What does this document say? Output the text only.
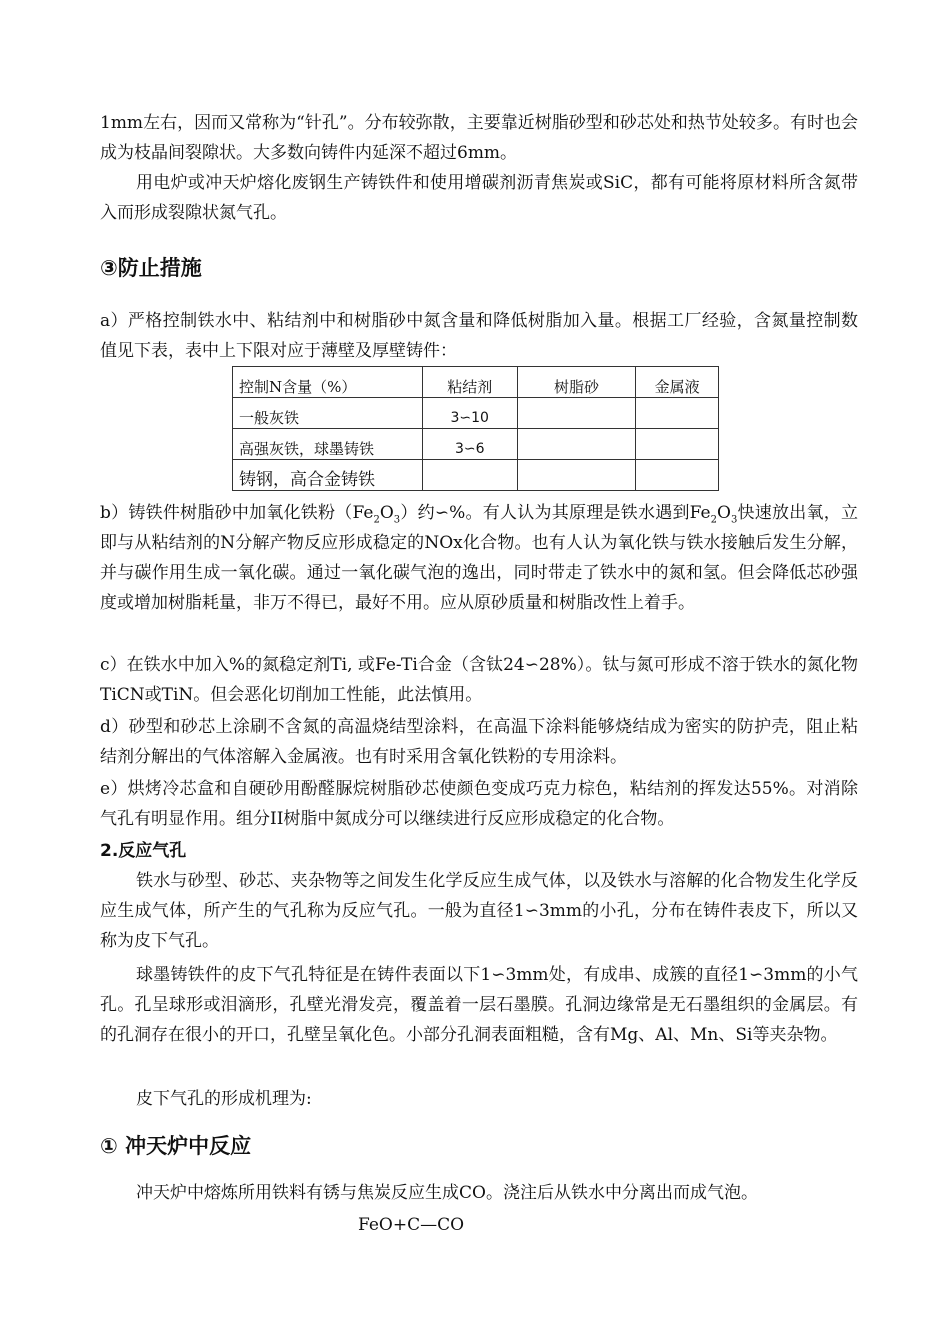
1mm左右，因而又常称为“针孔”。分布较弥散，主要靠近树脂砂型和砂芯处和热节处较多。有时也会成为枝晶间裂隙状。大多数向铸件内延深不超过6mm。

用电炉或冲天炉熔化废钢生产铸铁件和使用增碳剂沥青焦炭或SiC，都有可能将原材料所含氮带入而形成裂隙状氮气孔。

③防止措施

a）严格控制铁水中、粘结剂中和树脂砂中氮含量和降低树脂加入量。根据工厂经验，含氮量控制数值见下表，表中上下限对应于薄壁及厚壁铸件：

控制N含量（%）	粘结剂	树脂砂	金属液
一般灰铁	3∽10		
高强灰铁，球墨铸铁	3∽6		
铸钢，高合金铸铁			

b）铸铁件树脂砂中加氧化铁粉$(Fe_2O_3)$约∽%。有人认为其原理是铁水遇到$Fe_2O_3$快速放出氧，立即与从粘结剂的N分解产物反应形成稳定的NOx化合物。也有人认为氧化铁与铁水接触后发生分解，并与碳作用生成一氧化碳。通过一氧化碳气泡的逸出，同时带走了铁水中的氮和氢。但会降低芯砂强度或增加树脂耗量，非万不得已，最好不用。应从原砂质量和树脂改性上着手。

c）在铁水中加入%的氮稳定剂Ti, 或Fe-Ti合金（含钛24∽28%）。钛与氮可形成不溶于铁水的氮化物TiCN或TiN。但会恶化切削加工性能，此法慎用。

d）砂型和砂芯上涂刷不含氮的高温烧结型涂料，在高温下涂料能够烧结成为密实的防护壳，阻止粘结剂分解出的气体溶解入金属液。也有时采用含氧化铁粉的专用涂料。

e）烘烤冷芯盒和自硬砂用酚醛脲烷树脂砂芯使颜色变成巧克力棕色，粘结剂的挥发达55%。对消除气孔有明显作用。组分II树脂中氮成分可以继续进行反应形成稳定的化合物。

2.反应气孔

铁水与砂型、砂芯、夹杂物等之间发生化学反应生成气体，以及铁水与溶解的化合物发生化学反应生成气体，所产生的气孔称为反应气孔。一般为直径1∽3mm的小孔，分布在铸件表皮下，所以又称为皮下气孔。

球墨铸铁件的皮下气孔特征是在铸件表面以下1∽3mm处，有成串、成簇的直径1∽3mm的小气孔。孔呈球形或泪滴形，孔壁光滑发亮，覆盖着一层石墨膜。孔洞边缘常是无石墨组织的金属层。有的孔洞存在很小的开口，孔壁呈氧化色。小部分孔洞表面粗糙，含有Mg、Al、Mn、Si等夹杂物。

皮下气孔的形成机理为:

① 冲天炉中反应

冲天炉中熔炼所用铁料有锈与焦炭反应生成CO。浇注后从铁水中分离出而成气泡。

FeO+C—CO
